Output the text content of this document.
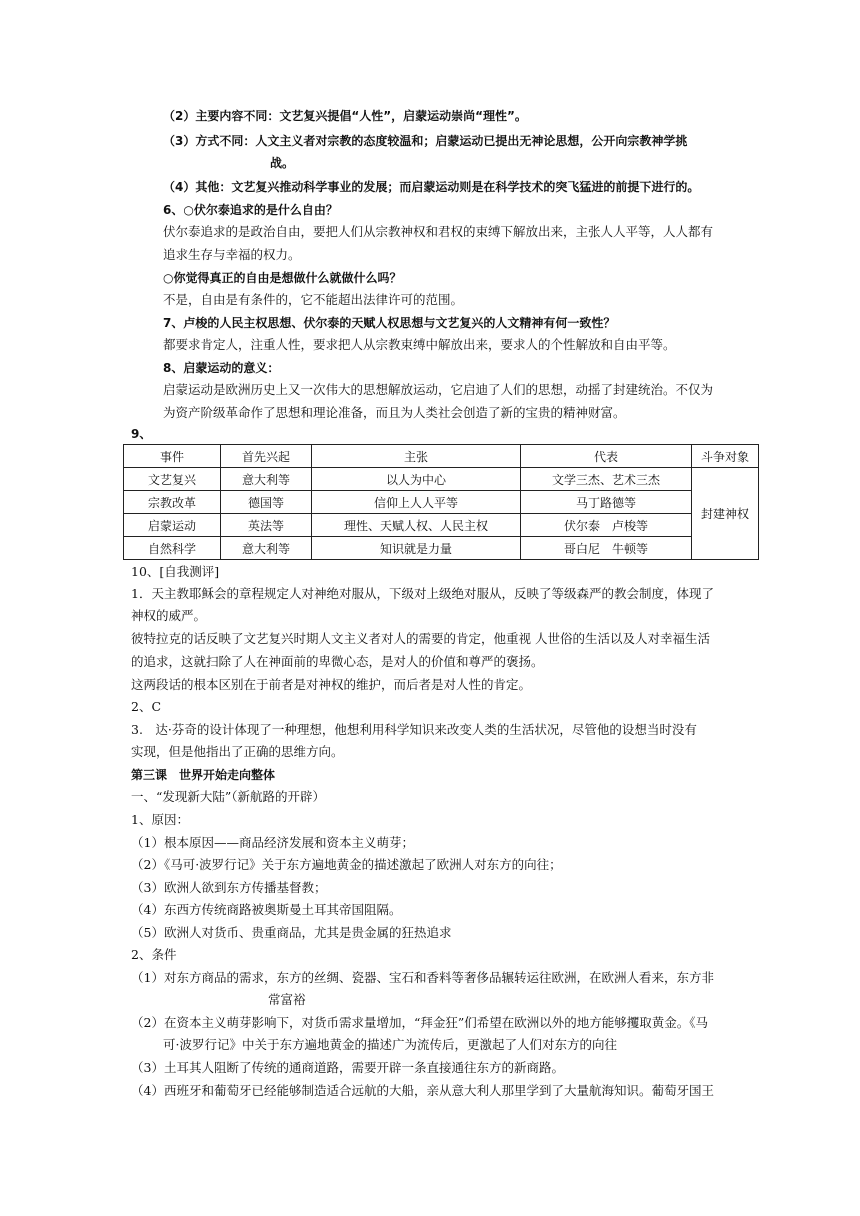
（2）主要内容不同：文艺复兴提倡“人性”，启蒙运动崇尚“理性”。
（3）方式不同：人文主义者对宗教的态度较温和；启蒙运动已提出无神论思想，公开向宗教神学挑
战。
（4）其他：文艺复兴推动科学事业的发展；而启蒙运动则是在科学技术的突飞猛进的前提下进行的。
6、○伏尔泰追求的是什么自由？
伏尔泰追求的是政治自由，要把人们从宗教神权和君权的束缚下解放出来，主张人人平等，人人都有
追求生存与幸福的权力。
○你觉得真正的自由是想做什么就做什么吗？
不是，自由是有条件的，它不能超出法律许可的范围。
7、卢梭的人民主权思想、伏尔泰的天赋人权思想与文艺复兴的人文精神有何一致性？
都要求肯定人，注重人性，要求把人从宗教束缚中解放出来，要求人的个性解放和自由平等。
8、启蒙运动的意义：
启蒙运动是欧洲历史上又一次伟大的思想解放运动，它启迪了人们的思想，动摇了封建统治。不仅为
为资产阶级革命作了思想和理论准备，而且为人类社会创造了新的宝贵的精神财富。
9、
事件	首先兴起	主张	代表	斗争对象
文艺复兴	意大利等	以人为中心	文学三杰、艺术三杰	封建神权
宗教改革	德国等	信仰上人人平等	马丁路德等	
启蒙运动	英法等	理性、天赋人权、人民主权	伏尔泰　卢梭等	
自然科学	意大利等	知识就是力量	哥白尼　牛顿等	
10、[自我测评]
1．天主教耶稣会的章程规定人对神绝对服从，下级对上级绝对服从，反映了等级森严的教会制度，体现了
神权的威严。
彼特拉克的话反映了文艺复兴时期人文主义者对人的需要的肯定，他重视 人世俗的生活以及人对幸福生活
的追求，这就扫除了人在神面前的卑微心态，是对人的价值和尊严的褒扬。
这两段话的根本区别在于前者是对神权的维护，而后者是对人性的肯定。
2、C
3.　达·芬奇的设计体现了一种理想，他想利用科学知识来改变人类的生活状况，尽管他的设想当时没有
实现，但是他指出了正确的思维方向。
第三课　世界开始走向整体
一、“发现新大陆”（新航路的开辟）
1、原因：
（1）根本原因——商品经济发展和资本主义萌芽；
（2）《马可·波罗行记》关于东方遍地黄金的描述激起了欧洲人对东方的向往；
（3）欧洲人欲到东方传播基督教；
（4）东西方传统商路被奥斯曼土耳其帝国阻隔。
（5）欧洲人对货币、贵重商品，尤其是贵金属的狂热追求
2、条件
（1）对东方商品的需求，东方的丝绸、瓷器、宝石和香料等奢侈品辗转运往欧洲，在欧洲人看来，东方非
常富裕
（2）在资本主义萌芽影响下，对货币需求量增加，“拜金狂”们希望在欧洲以外的地方能够攫取黄金。《马
可·波罗行记》中关于东方遍地黄金的描述广为流传后，更激起了人们对东方的向往
（3）土耳其人阻断了传统的通商道路，需要开辟一条直接通往东方的新商路。
（4）西班牙和葡萄牙已经能够制造适合远航的大船，亲从意大利人那里学到了大量航海知识。葡萄牙国王
